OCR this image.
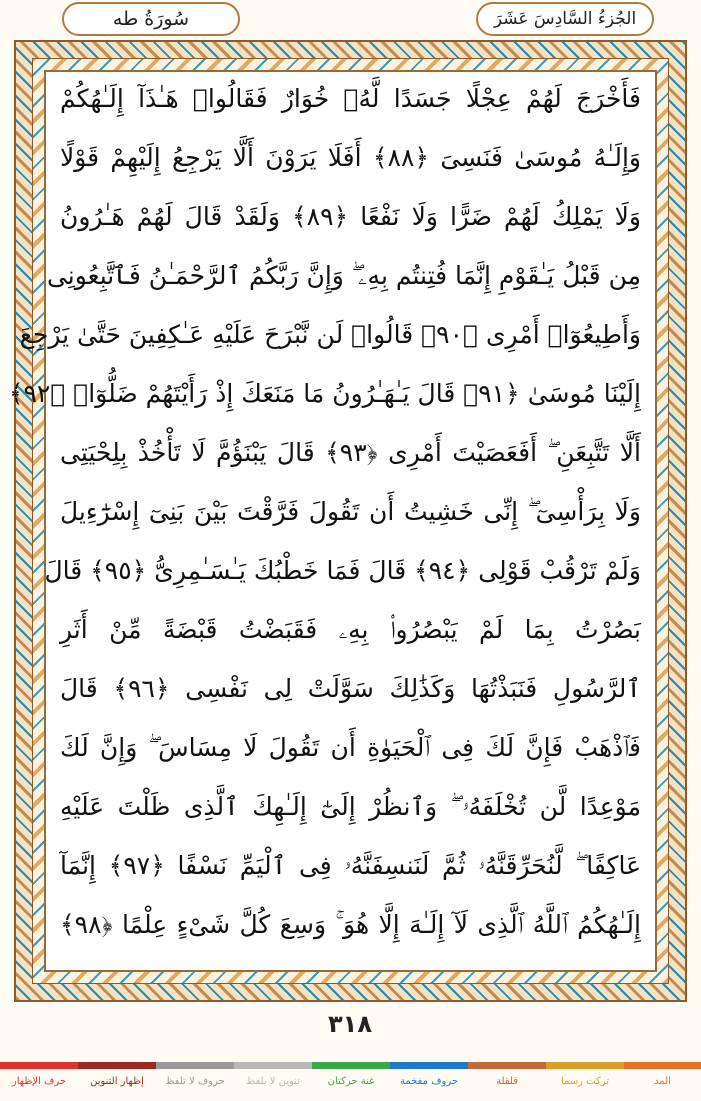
سُورَةُ طه	الجُزءُ السَّادِسَ عَشَرَ
فَأَخْرَجَ لَهُمْ عِجْلًا جَسَدًا لَّهُۥ خُوَارٌ فَقَالُوا۟ هَـٰذَآ إِلَـٰهُكُمْ
وَإِلَـٰهُ مُوسَىٰ فَنَسِىَ ﴿٨٨﴾ أَفَلَا يَرَوْنَ أَلَّا يَرْجِعُ إِلَيْهِمْ قَوْلًا
وَلَا يَمْلِكُ لَهُمْ ضَرًّا وَلَا نَفْعًا ﴿٨٩﴾ وَلَقَدْ قَالَ لَهُمْ هَـٰرُونُ
مِن قَبْلُ يَـٰقَوْمِ إِنَّمَا فُتِنتُم بِهِۦ ۖ وَإِنَّ رَبَّكُمُ ٱلرَّحْمَـٰنُ فَٱتَّبِعُونِى
وَأَطِيعُوٓا۟ أَمْرِى ﴿٩٠﴾ قَالُوا۟ لَن نَّبْرَحَ عَلَيْهِ عَـٰكِفِينَ حَتَّىٰ يَرْجِعَ
إِلَيْنَا مُوسَىٰ ﴿٩١﴾ قَالَ يَـٰهَـٰرُونُ مَا مَنَعَكَ إِذْ رَأَيْتَهُمْ ضَلُّوٓا۟ ﴿٩٢﴾
أَلَّا تَتَّبِعَنِ ۖ أَفَعَصَيْتَ أَمْرِى ﴿٩٣﴾ قَالَ يَبْنَؤُمَّ لَا تَأْخُذْ بِلِحْيَتِى
وَلَا بِرَأْسِىٓ ۖ إِنِّى خَشِيتُ أَن تَقُولَ فَرَّقْتَ بَيْنَ بَنِىٓ إِسْرَٰٓءِيلَ
وَلَمْ تَرْقُبْ قَوْلِى ﴿٩٤﴾ قَالَ فَمَا خَطْبُكَ يَـٰسَـٰمِرِىُّ ﴿٩٥﴾ قَالَ
بَصُرْتُ بِمَا لَمْ يَبْصُرُوا۟ بِهِۦ فَقَبَضْتُ قَبْضَةً مِّنْ أَثَرِ
ٱلرَّسُولِ فَنَبَذْتُهَا وَكَذَٰلِكَ سَوَّلَتْ لِى نَفْسِى ﴿٩٦﴾ قَالَ
فَٱذْهَبْ فَإِنَّ لَكَ فِى ٱلْحَيَوٰةِ أَن تَقُولَ لَا مِسَاسَ ۖ وَإِنَّ لَكَ
مَوْعِدًا لَّن تُخْلَفَهُۥ ۖ وَٱنظُرْ إِلَىٰٓ إِلَـٰهِكَ ٱلَّذِى ظَلْتَ عَلَيْهِ
عَاكِفًا ۖ لَّنُحَرِّقَنَّهُۥ ثُمَّ لَنَنسِفَنَّهُۥ فِى ٱلْيَمِّ نَسْفًا ﴿٩٧﴾ إِنَّمَآ
إِلَـٰهُكُمُ ٱللَّهُ ٱلَّذِى لَآ إِلَـٰهَ إِلَّا هُوَ ۚ وَسِعَ كُلَّ شَىْءٍ عِلْمًا ﴿٩٨﴾
٣١٨
حرف الإظهار	إظهار التنوين	حروف لا تلفظ	تنوين لا يلفظ	غنة حركتان	حروف مفخمة	قلقلة	تركت رسما	المد
